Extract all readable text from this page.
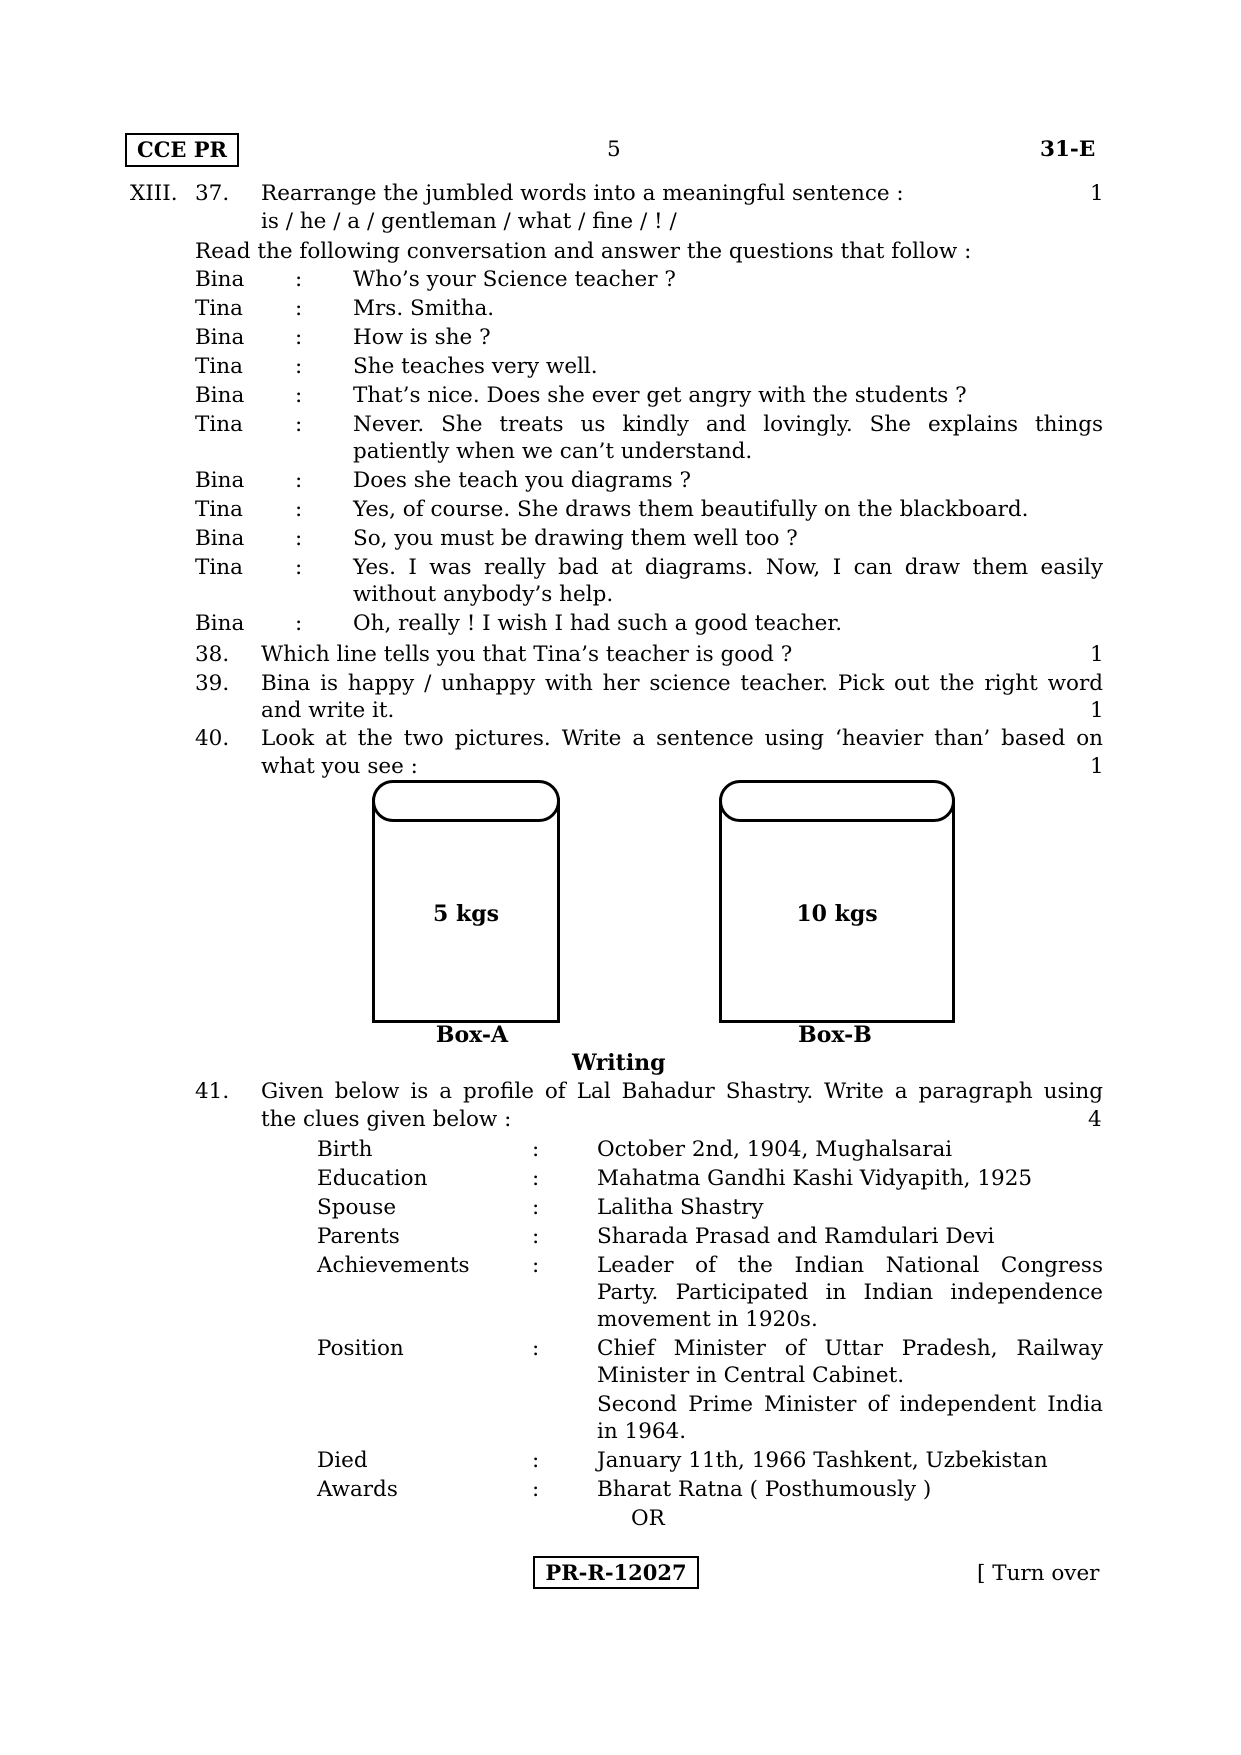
CCE PR	5	31-E
XIII. 37. Rearrange the jumbled words into a meaningful sentence :	1
is / he / a / gentleman / what / fine / ! /
Read the following conversation and answer the questions that follow :
Bina : Who’s your Science teacher ?
Tina : Mrs. Smitha.
Bina : How is she ?
Tina : She teaches very well.
Bina : That’s nice. Does she ever get angry with the students ?
Tina : Never. She treats us kindly and lovingly. She explains things
patiently when we can’t understand.
Bina : Does she teach you diagrams ?
Tina : Yes, of course. She draws them beautifully on the blackboard.
Bina : So, you must be drawing them well too ?
Tina : Yes. I was really bad at diagrams. Now, I can draw them easily
without anybody’s help.
Bina : Oh, really ! I wish I had such a good teacher.
38. Which line tells you that Tina’s teacher is good ?	1
39. Bina is happy / unhappy with her science teacher. Pick out the right word
and write it.	1
40. Look at the two pictures. Write a sentence using ‘heavier than’ based on
what you see :	1
5 kgs
Box-A
10 kgs
Box-B
Writing
41. Given below is a profile of Lal Bahadur Shastry. Write a paragraph using
the clues given below :	4
Birth	:	October 2nd, 1904, Mughalsarai
Education	:	Mahatma Gandhi Kashi Vidyapith, 1925
Spouse	:	Lalitha Shastry
Parents	:	Sharada Prasad and Ramdulari Devi
Achievements	:	Leader of the Indian National Congress
Party. Participated in Indian independence
movement in 1920s.
Position	:	Chief Minister of Uttar Pradesh, Railway
Minister in Central Cabinet.
Second Prime Minister of independent India
in 1964.
Died	:	January 11th, 1966 Tashkent, Uzbekistan
Awards	:	Bharat Ratna ( Posthumously )
OR
PR-R-12027	[ Turn over
